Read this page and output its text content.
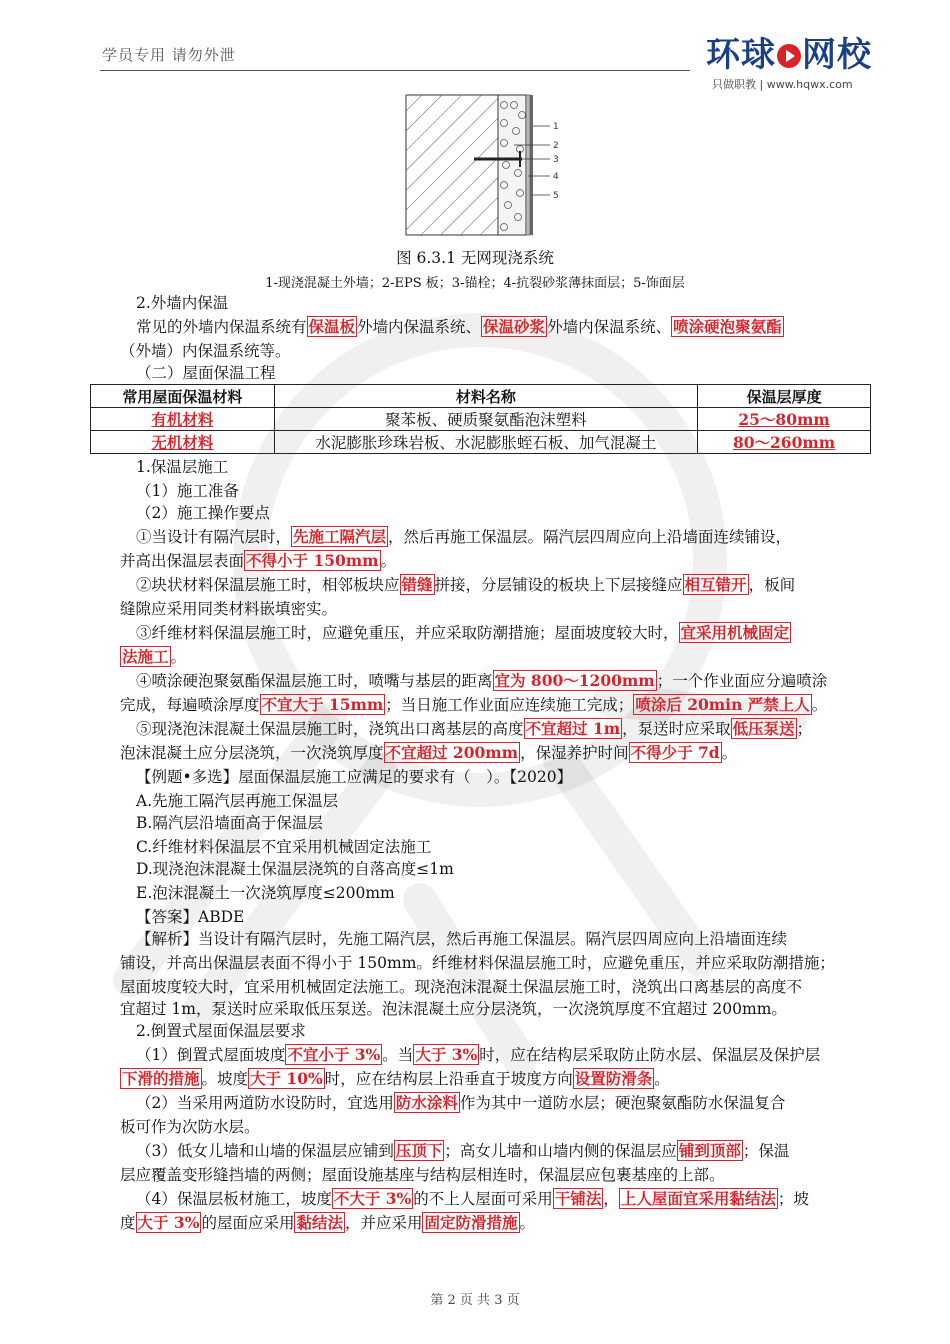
学员专用 请勿外泄	环球 网校
只做职教 | www.hqwx.com
1
2
3
4
5
图 6.3.1 无网现浇系统
1-现浇混凝土外墙；2-EPS 板；3-锚栓；4-抗裂砂浆薄抹面层；5-饰面层
2.外墙内保温
常见的外墙内保温系统有 保温板 外墙内保温系统、 保温砂浆 外墙内保温系统、 喷涂硬泡聚氨酯
（外墙）内保温系统等。
（二）屋面保温工程
常用屋面保温材料	材料名称	保温层厚度
有机材料	聚苯板、硬质聚氨酯泡沫塑料	25～80mm
无机材料	水泥膨胀珍珠岩板、水泥膨胀蛭石板、加气混凝土	80～260mm
1.保温层施工
（1）施工准备
（2）施工操作要点
①当设计有隔汽层时， 先施工隔汽层 ，然后再施工保温层。隔汽层四周应向上沿墙面连续铺设，
并高出保温层表面 不得小于 150mm 。
②块状材料保温层施工时，相邻板块应 错缝 拼接，分层铺设的板块上下层接缝应 相互错开 ，板间
缝隙应采用同类材料嵌填密实。
③纤维材料保温层施工时，应避免重压，并应采取防潮措施；屋面坡度较大时， 宜采用机械固定
法施工 。
④喷涂硬泡聚氨酯保温层施工时，喷嘴与基层的距离 宜为 800～1200mm ；一个作业面应分遍喷涂
完成，每遍喷涂厚度 不宜大于 15mm ；当日施工作业面应连续施工完成； 喷涂后 20min 严禁上人 。
⑤现浇泡沫混凝土保温层施工时，浇筑出口离基层的高度 不宜超过 1m ，泵送时应采取 低压泵送 ；
泡沫混凝土应分层浇筑，一次浇筑厚度 不宜超过 200mm ，保湿养护时间 不得少于 7d 。
【例题•多选】屋面保温层施工应满足的要求有（　）。【2020】
A.先施工隔汽层再施工保温层
B.隔汽层沿墙面高于保温层
C.纤维材料保温层不宜采用机械固定法施工
D.现浇泡沫混凝土保温层浇筑的自落高度≤1m
E.泡沫混凝土一次浇筑厚度≤200mm
【答案】ABDE
【解析】当设计有隔汽层时，先施工隔汽层，然后再施工保温层。隔汽层四周应向上沿墙面连续
铺设，并高出保温层表面不得小于 150mm。纤维材料保温层施工时，应避免重压，并应采取防潮措施；
屋面坡度较大时，宜采用机械固定法施工。现浇泡沫混凝土保温层施工时，浇筑出口离基层的高度不
宜超过 1m，泵送时应采取低压泵送。泡沫混凝土应分层浇筑，一次浇筑厚度不宜超过 200mm。
2.倒置式屋面保温层要求
（1）倒置式屋面坡度 不宜小于 3% 。当 大于 3% 时，应在结构层采取防止防水层、保温层及保护层
下滑的措施 。坡度 大于 10% 时，应在结构层上沿垂直于坡度方向 设置防滑条 。
（2）当采用两道防水设防时，宜选用 防水涂料 作为其中一道防水层；硬泡聚氨酯防水保温复合
板可作为次防水层。
（3）低女儿墙和山墙的保温层应铺到 压顶下 ；高女儿墙和山墙内侧的保温层应 铺到顶部 ；保温
层应覆盖变形缝挡墙的两侧；屋面设施基座与结构层相连时，保温层应包裹基座的上部。
（4）保温层板材施工，坡度 不大于 3% 的不上人屋面可采用 干铺法 ， 上人屋面宜采用黏结法 ；坡
度 大于 3% 的屋面应采用 黏结法 ，并应采用 固定防滑措施 。
第 2 页 共 3 页
